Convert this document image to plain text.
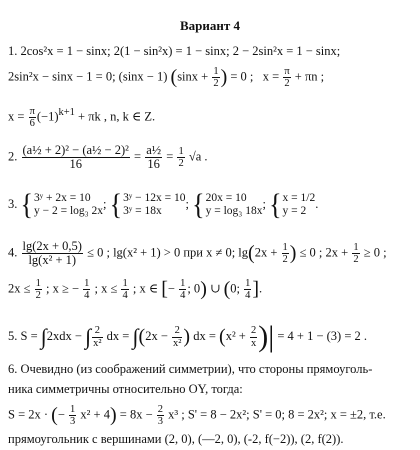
Вариант 4
1. 2cos²x = 1 − sinx; 2(1 − sin²x) = 1 − sinx; 2 − 2sin²x = 1 − sinx;
2sin²x − sinx − 1 = 0; (sinx − 1) ($\sin x + \frac{1}{2}$ ) = 0 ; $x = \frac{\pi}{2} + \pi n$ ;
$x = \frac{\pi}{6} (-1)^{k+1} + \pi k$ , n, k ∈ Z.
2. $\frac{\text{(a½ + 2)² − (a½ − 2)²}}{16} = \frac{\text{a½}}{16} = \frac{1}{2} √a$ .
3. {3ʸ + 2x = 10
y − 2 = log₃ 2x; {3ʸ − 12x = 10
3ʸ = 18x; {20x = 10
y = log₃ 18x; {x = 1/2
y = 2.
4. $\frac{\lg(2x + 0,5)}{\text{lg(x² + 1)}} \le 0$ ; lg(x² + 1) > 0 при x ≠ 0; $\lg(2x + \frac{1}{2}$ ) ≤ 0 ; $2x + \frac{1}{2} \ge 0$ ;
$2x \le \frac{1}{2}$ ; x ≥ − $\frac{1}{4}$ ; $x \le \frac{1}{4}$ ; x ∈ [− $\frac{1}{4}$ ; 0) ∪ (0; $\frac{1}{4}$ ].
5. S = ∫2xdx − ∫ $\frac{2}{\text{x²}}$ dx = $\int(2x - \frac{2}{\text{x²}}$ ) dx = ($x^2 + \frac{2}{x}$ )| = 4 + 1 − (3) = 2 .
6. Очевидно (из соображений симметрии), что стороны прямоуголь-
ника симметричны относительно OY, тогда:
S = 2x · (− $\frac{1}{3} x^2 + 4) = 8x - \frac{2}{3} x^3$ ; S' = 8 − 2x²; S' = 0; 8 = 2x²; x = ±2, т.е.
прямоугольник с вершинами (2, 0), (—2, 0), (-2, f(−2)), (2, f(2)).
